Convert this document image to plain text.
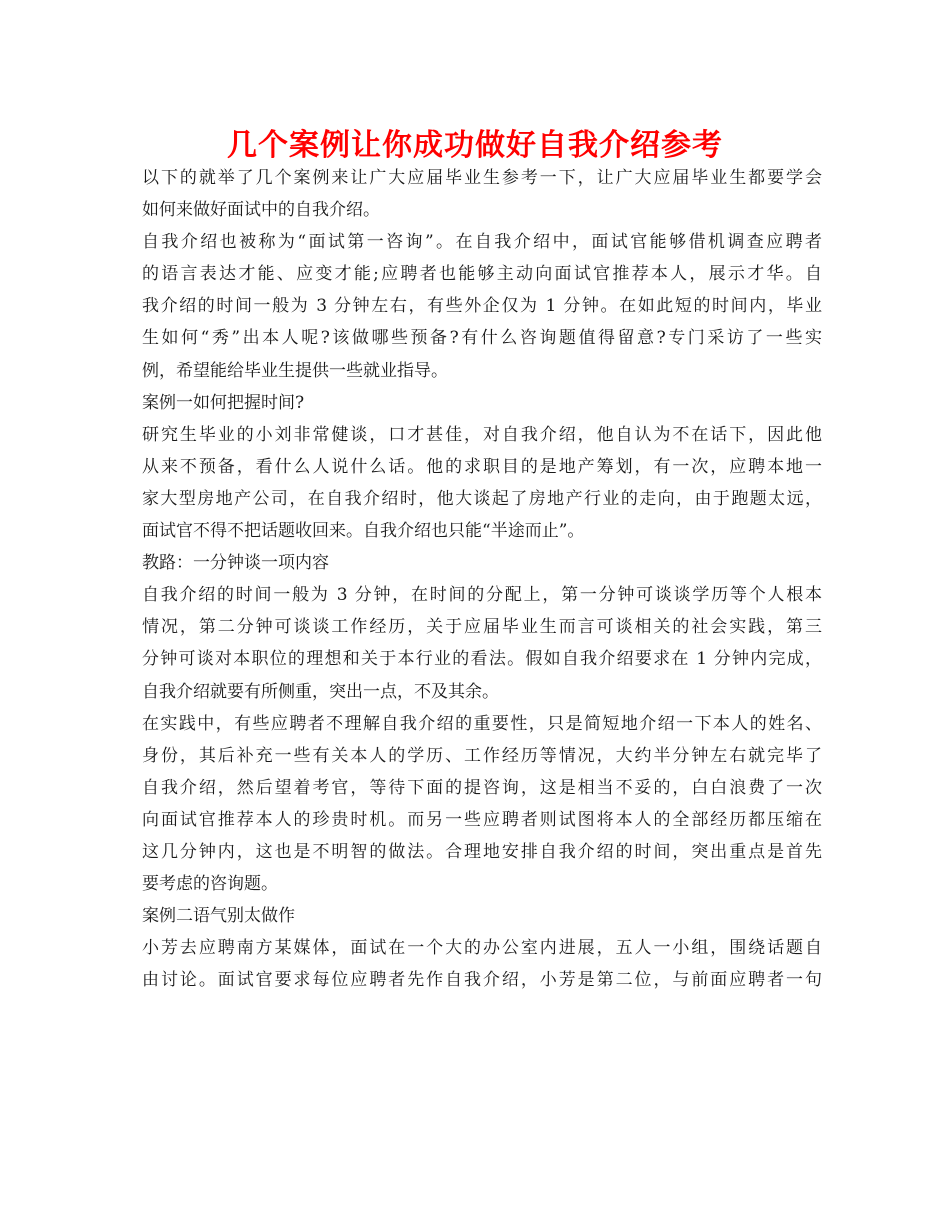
几个案例让你成功做好自我介绍参考
以下的就举了几个案例来让广大应届毕业生参考一下，让广大应届毕业生都要学会
如何来做好面试中的自我介绍。
自我介绍也被称为“面试第一咨询”。在自我介绍中，面试官能够借机调查应聘者
的语言表达才能、应变才能;应聘者也能够主动向面试官推荐本人，展示才华。自
我介绍的时间一般为 3 分钟左右，有些外企仅为 1 分钟。在如此短的时间内，毕业
生如何“秀”出本人呢?该做哪些预备?有什么咨询题值得留意?专门采访了一些实
例，希望能给毕业生提供一些就业指导。
案例一如何把握时间?
研究生毕业的小刘非常健谈，口才甚佳，对自我介绍，他自认为不在话下，因此他
从来不预备，看什么人说什么话。他的求职目的是地产筹划，有一次，应聘本地一
家大型房地产公司，在自我介绍时，他大谈起了房地产行业的走向，由于跑题太远，
面试官不得不把话题收回来。自我介绍也只能“半途而止”。
教路：一分钟谈一项内容
自我介绍的时间一般为 3 分钟，在时间的分配上，第一分钟可谈谈学历等个人根本
情况，第二分钟可谈谈工作经历，关于应届毕业生而言可谈相关的社会实践，第三
分钟可谈对本职位的理想和关于本行业的看法。假如自我介绍要求在 1 分钟内完成，
自我介绍就要有所侧重，突出一点，不及其余。
在实践中，有些应聘者不理解自我介绍的重要性，只是简短地介绍一下本人的姓名、
身份，其后补充一些有关本人的学历、工作经历等情况，大约半分钟左右就完毕了
自我介绍，然后望着考官，等待下面的提咨询，这是相当不妥的，白白浪费了一次
向面试官推荐本人的珍贵时机。而另一些应聘者则试图将本人的全部经历都压缩在
这几分钟内，这也是不明智的做法。合理地安排自我介绍的时间，突出重点是首先
要考虑的咨询题。
案例二语气别太做作
小芳去应聘南方某媒体，面试在一个大的办公室内进展，五人一小组，围绕话题自
由讨论。面试官要求每位应聘者先作自我介绍，小芳是第二位，与前面应聘者一句
